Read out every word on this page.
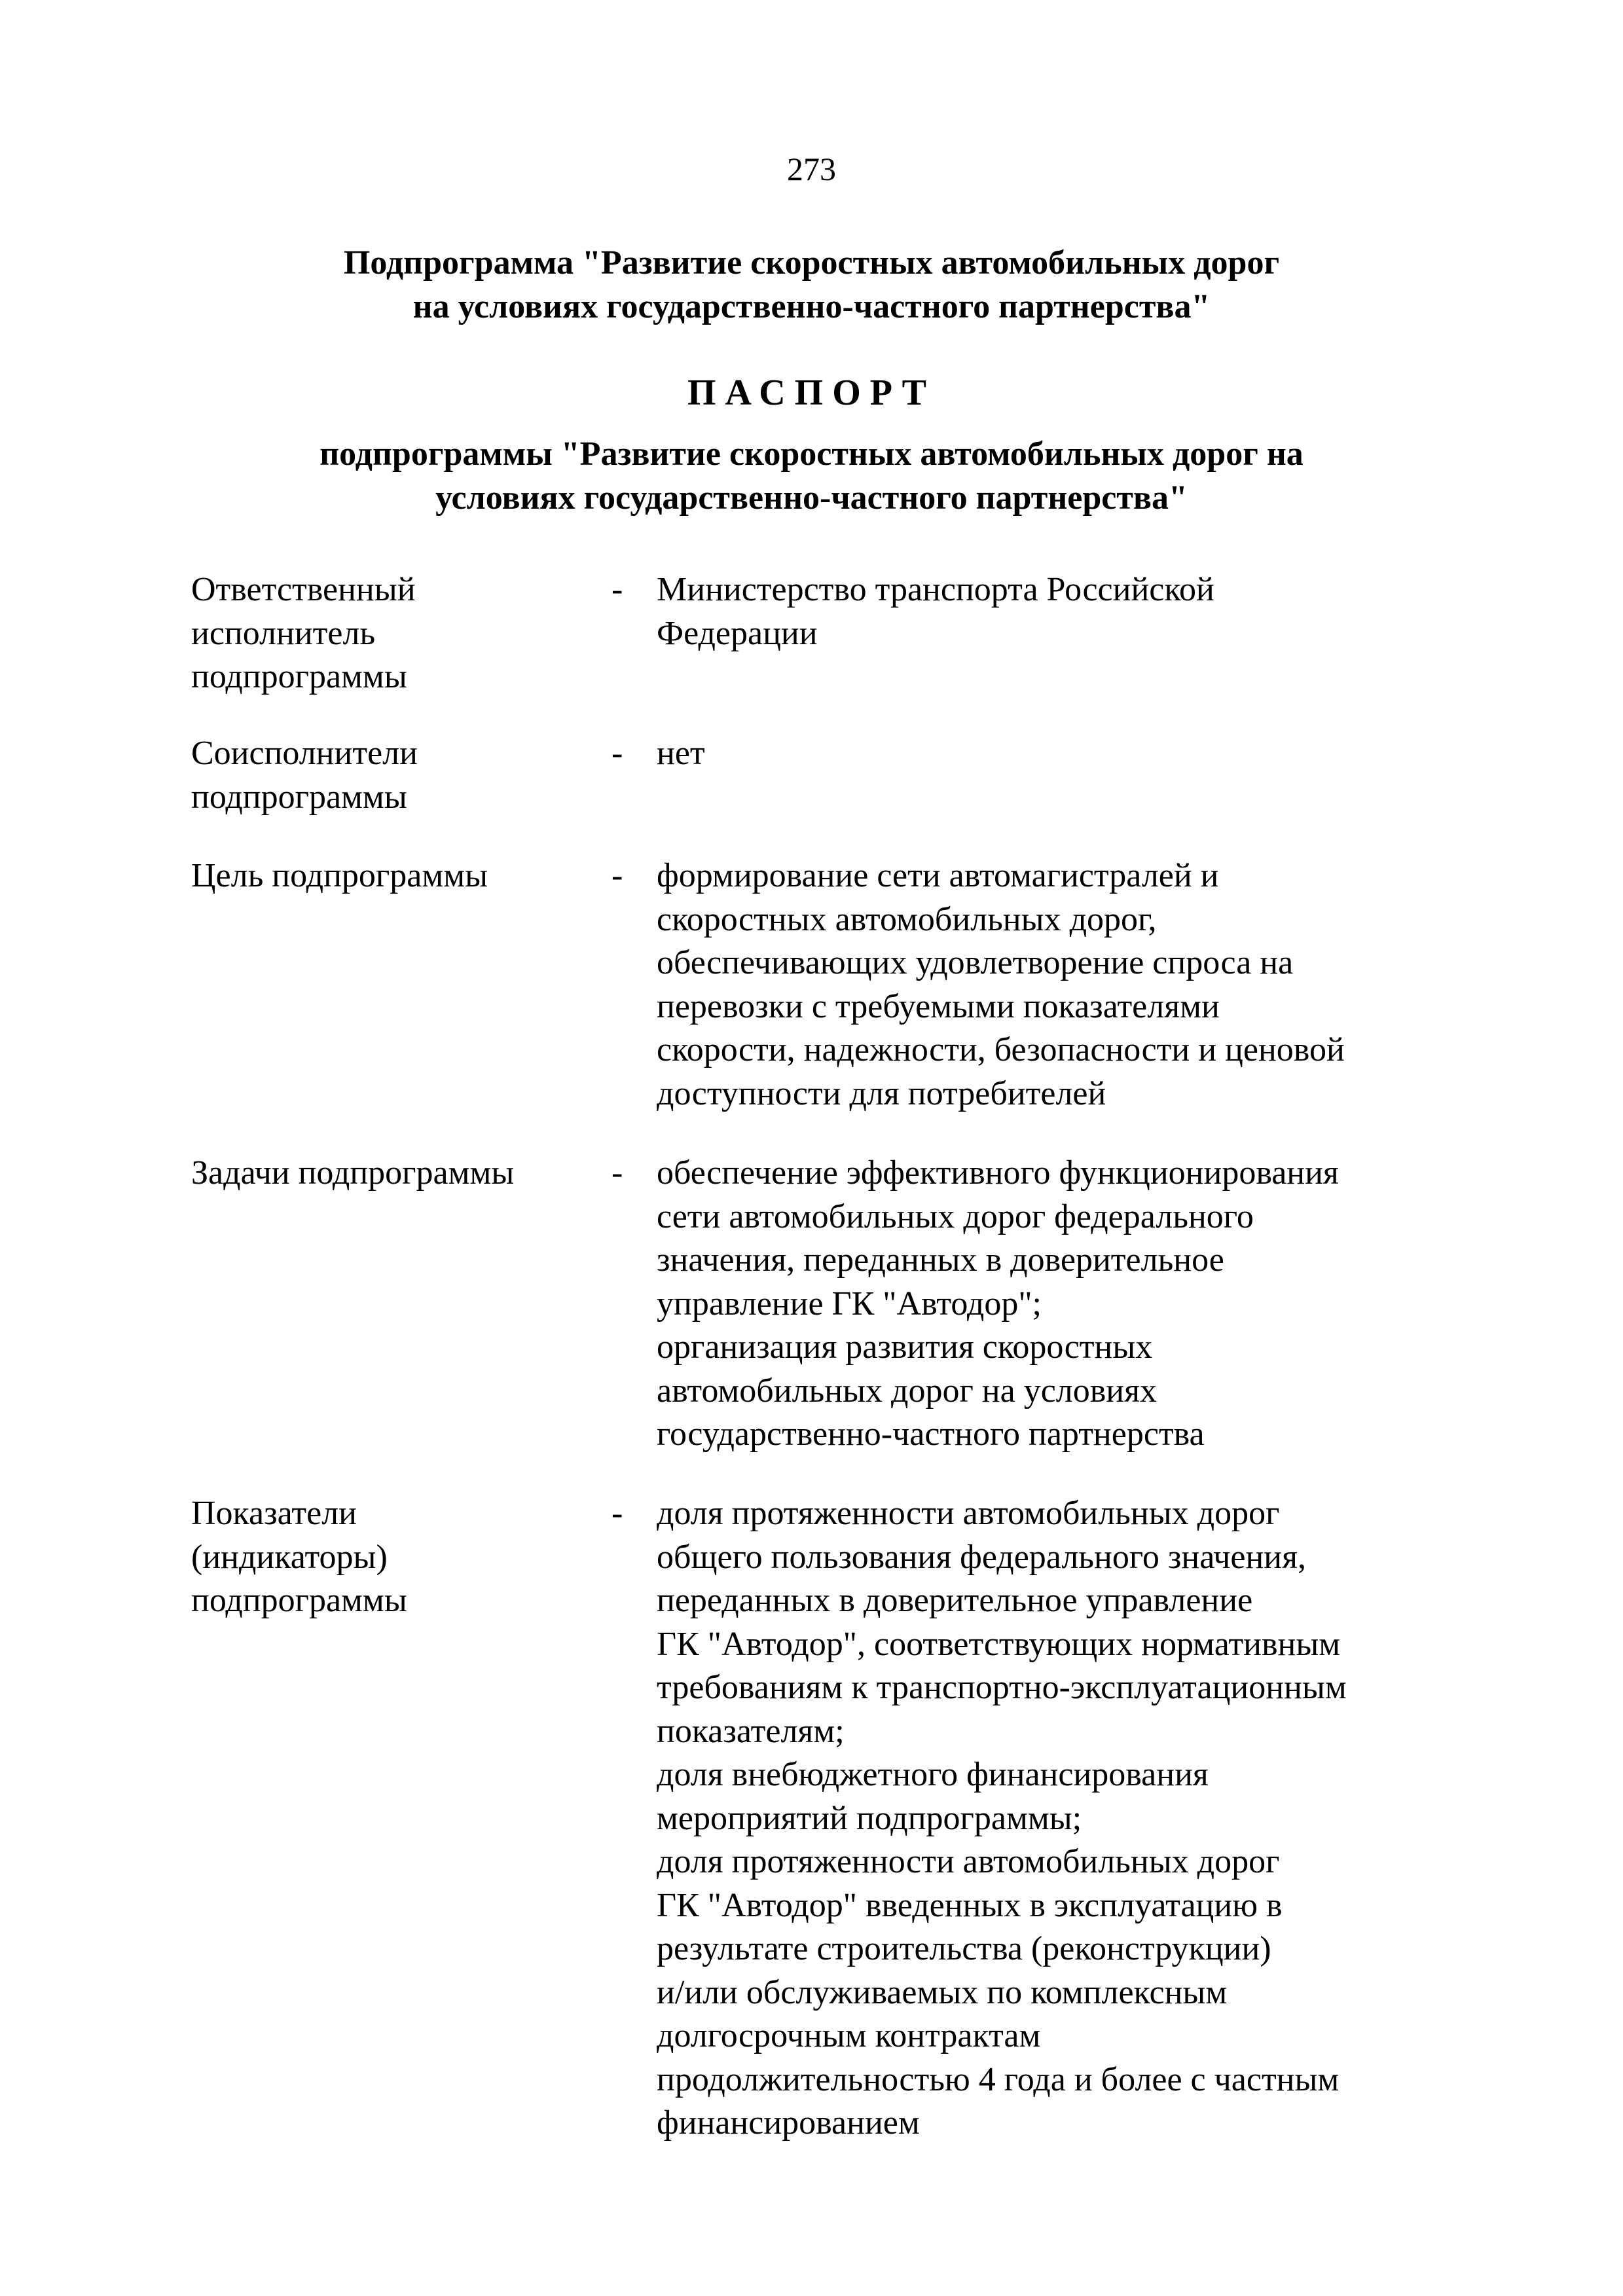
273
Подпрограмма "Развитие скоростных автомобильных дорог
на условиях государственно-частного партнерства"
ПАСПОРТ
подпрограммы "Развитие скоростных автомобильных дорог на
условиях государственно-частного партнерства"
Ответственный
исполнитель
подпрограммы
- Министерство транспорта Российской
Федерации
Соисполнители
подпрограммы
- нет
Цель подпрограммы	- формирование сети автомагистралей и
скоростных автомобильных дорог,
обеспечивающих удовлетворение спроса на
перевозки с требуемыми показателями
скорости, надежности, безопасности и ценовой
доступности для потребителей
Задачи подпрограммы	- обеспечение эффективного функционирования
сети автомобильных дорог федерального
значения, переданных в доверительное
управление ГК "Автодор";
организация развития скоростных
автомобильных дорог на условиях
государственно-частного партнерства
Показатели
(индикаторы)
подпрограммы
- доля протяженности автомобильных дорог
общего пользования федерального значения,
переданных в доверительное управление
ГК "Автодор", соответствующих нормативным
требованиям к транспортно-эксплуатационным
показателям;
доля внебюджетного финансирования
мероприятий подпрограммы;
доля протяженности автомобильных дорог
ГК "Автодор" введенных в эксплуатацию в
результате строительства (реконструкции)
и/или обслуживаемых по комплексным
долгосрочным контрактам
продолжительностью 4 года и более с частным
финансированием
